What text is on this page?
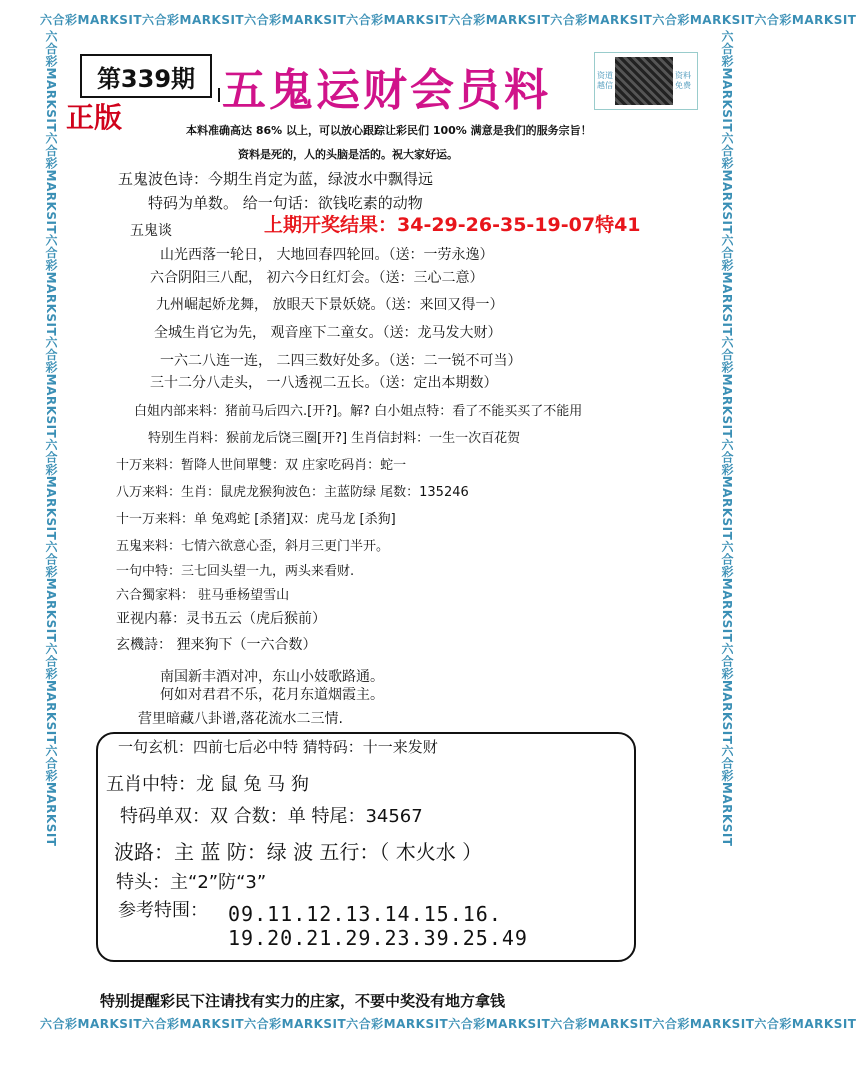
六合彩MARKSIT六合彩MARKSIT六合彩MARKSIT六合彩MARKSIT六合彩MARKSIT六合彩MARKSIT六合彩MARKSIT六合彩MARKSIT
六合彩MARKSIT六合彩MARKSIT六合彩MARKSIT六合彩MARKSIT六合彩MARKSIT六合彩MARKSIT六合彩MARKSIT六合彩MARKSIT
六合彩MARKSIT六合彩MARKSIT六合彩MARKSIT六合彩MARKSIT六合彩MARKSIT六合彩MARKSIT六合彩MARKSIT六合彩MARKSIT	六合彩MARKSIT六合彩MARKSIT六合彩MARKSIT六合彩MARKSIT六合彩MARKSIT六合彩MARKSIT六合彩MARKSIT六合彩MARKSIT
第339期
正版
五鬼运财会员料	资道越信
资料免费
本料准确高达 86% 以上，可以放心跟踪让彩民们 100% 满意是我们的服务宗旨！
资料是死的，人的头脑是活的。祝大家好运。
五鬼波色诗：今期生肖定为蓝，绿波水中飘得远
特码为单数。 给一句话：欲钱吃素的动物
五鬼谈	上期开奖结果：34-29-26-35-19-07特41
山光西落一轮日， 大地回春四轮回。（送：一劳永逸）
六合阴阳三八配， 初六今日红灯会。（送：三心二意）
九州崛起娇龙舞， 放眼天下景妖娆。（送：来回又得一）
全城生肖它为先， 观音座下二童女。（送：龙马发大财）
一六二八连一连， 二四三数好处多。（送：二一锐不可当）
三十二分八走头， 一八透视二五长。（送：定出本期数）
白姐内部来料：猪前马后四六.[开?]。解? 白小姐点特：看了不能买买了不能用
特别生肖料：猴前龙后饶三圈[开?] 生肖信封料：一生一次百花贺
十万来料：暂降人世间單雙：双 庄家吃码肖：蛇一
八万来料：生肖：鼠虎龙猴狗波色：主蓝防绿 尾数：135246
十一万来料：单 兔鸡蛇 [杀猪]双：虎马龙 [杀狗]
五鬼来料：七情六欲意心歪，斜月三更门半开。
一句中特：三七回头望一九，两头来看财.
六合獨家料： 驻马垂杨望雪山
亚视内幕：灵书五云（虎后猴前）
玄機詩： 狸来狗下（一六合数）
南国新丰酒对冲，东山小妓歌路通。
何如对君君不乐，花月东道烟霞主。
营里暗藏八卦谱,落花流水二三情.
一句玄机：四前七后必中特 猜特码：十一来发财
五肖中特：龙 鼠 兔 马 狗
特码单双：双 合数：单 特尾：34567
波路：主 蓝 防：绿 波 五行：（ 木火水 ）
特头：主“2”防“3”
参考特围： 09.11.12.13.14.15.16.
19.20.21.29.23.39.25.49
特别提醒彩民下注请找有实力的庄家，不要中奖没有地方拿钱
